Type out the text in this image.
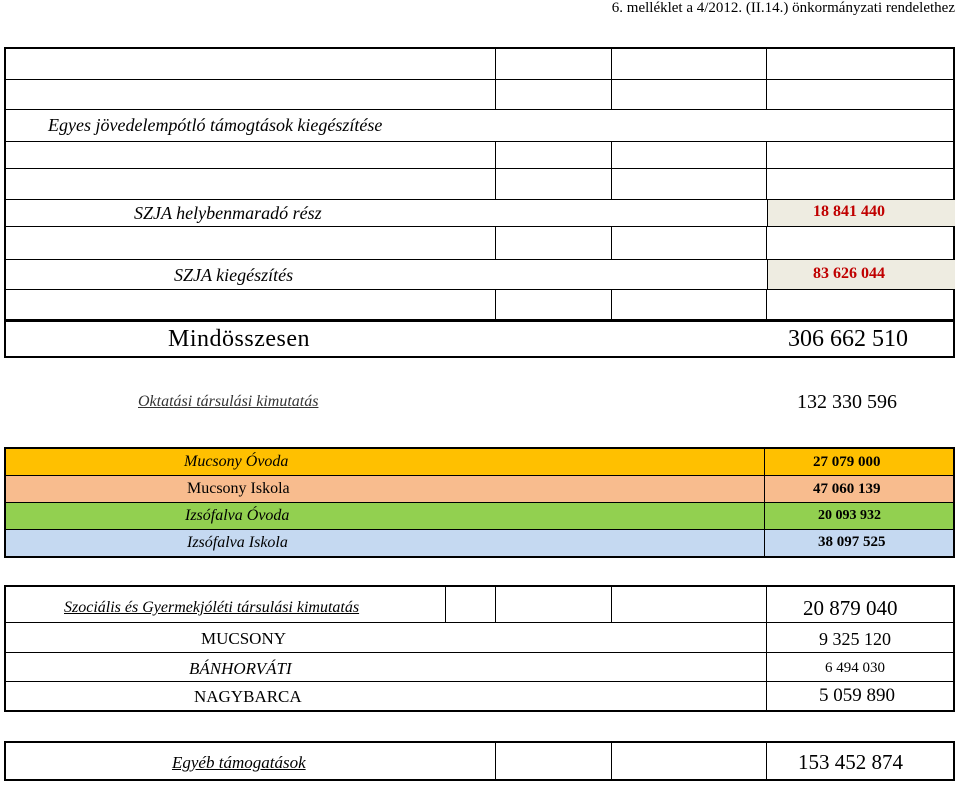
6. melléklet a 4/2012. (II.14.) önkormányzati rendelethez
Egyes jövedelempótló támogtások kiegészítése
SZJA helybenmaradó rész	18 841 440
SZJA kiegészítés	83 626 044
Mindösszesen	306 662 510
Oktatási társulási kimutatás	132 330 596
Mucsony Óvoda	27 079 000
Mucsony Iskola	47 060 139
Izsófalva Óvoda	20 093 932
Izsófalva Iskola	38 097 525
Szociális és Gyermekjóléti társulási kimutatás	20 879 040
MUCSONY	9 325 120
BÁNHORVÁTI	6 494 030
NAGYBARCA	5 059 890
Egyéb támogatások	153 452 874
